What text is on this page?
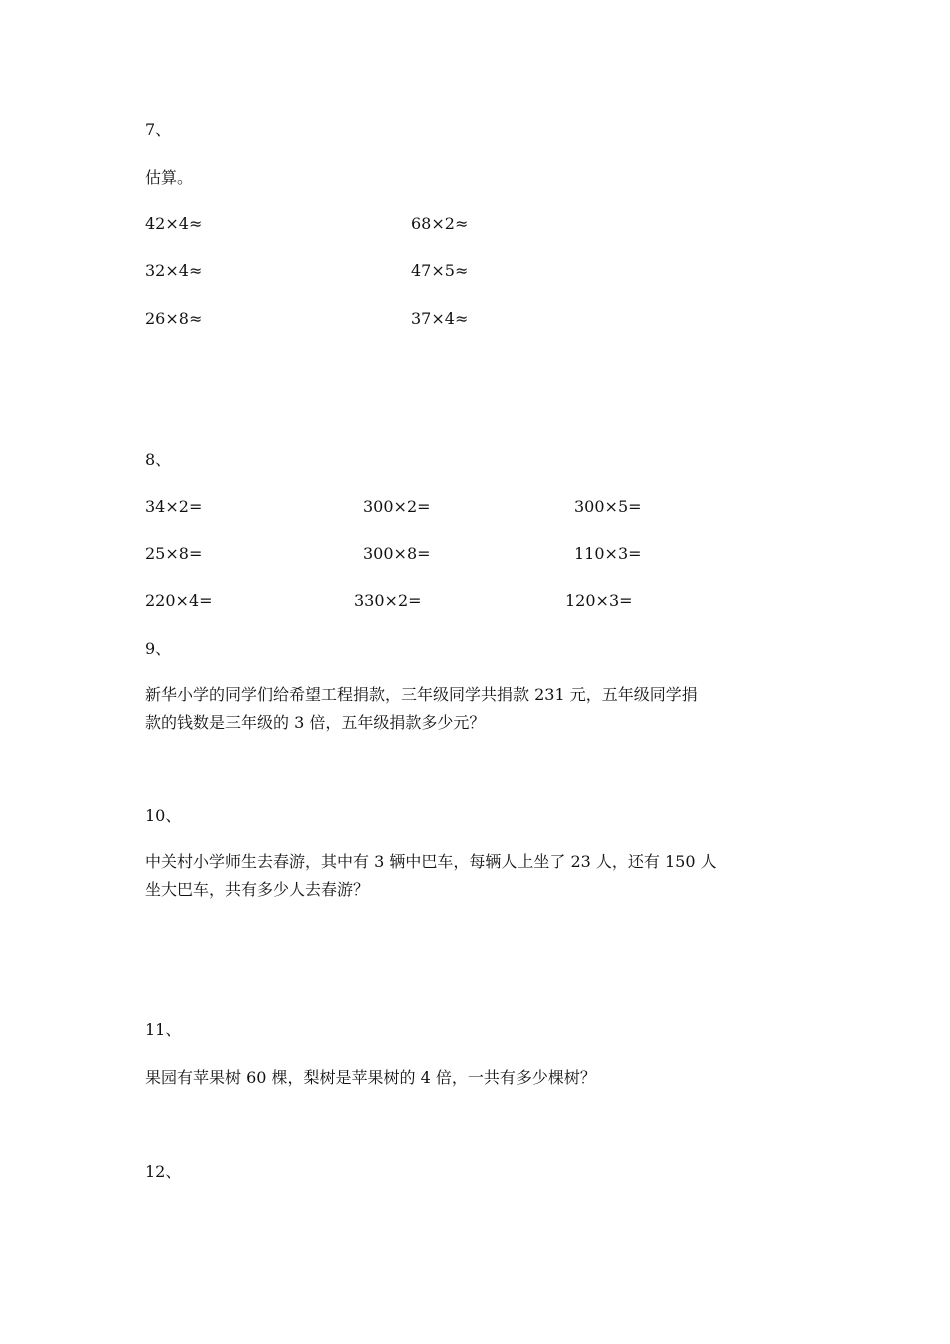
7、
估算。
42×4≈	68×2≈
32×4≈	47×5≈
26×8≈	37×4≈
8、
34×2=	300×2=	300×5=
25×8=	300×8=	110×3=
220×4=	330×2=	120×3=
9、
新华小学的同学们给希望工程捐款，三年级同学共捐款 231 元，五年级同学捐
款的钱数是三年级的 3 倍，五年级捐款多少元？
10、
中关村小学师生去春游，其中有 3 辆中巴车，每辆人上坐了 23 人，还有 150 人
坐大巴车，共有多少人去春游？
11、
果园有苹果树 60 棵，梨树是苹果树的 4 倍，一共有多少棵树？
12、
